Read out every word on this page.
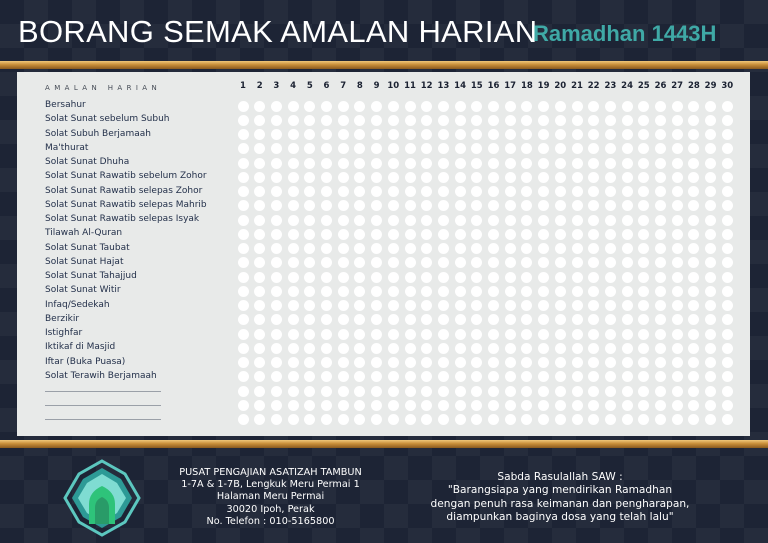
BORANG SEMAK AMALAN HARIAN
Ramadhan 1443H
AMALAN HARIAN	1	2	3	4	5	6	7	8	9 10 11 12 13 14 15 16 17 18 19 20 21 22 23 24 25 26 27 28 29 30
Bersahur
Solat Sunat sebelum Subuh
Solat Subuh Berjamaah
Ma'thurat
Solat Sunat Dhuha
Solat Sunat Rawatib sebelum Zohor
Solat Sunat Rawatib selepas Zohor
Solat Sunat Rawatib selepas Mahrib
Solat Sunat Rawatib selepas Isyak
Tilawah Al-Quran
Solat Sunat Taubat
Solat Sunat Hajat
Solat Sunat Tahajjud
Solat Sunat Witir
Infaq/Sedekah
Berzikir
Istighfar
Iktikaf di Masjid
Iftar (Buka Puasa)
Solat Terawih Berjamaah
PUSAT PENGAJIAN ASATIZAH TAMBUN
1-7A & 1-7B, Lengkuk Meru Permai 1
Halaman Meru Permai
30020 Ipoh, Perak
No. Telefon : 010-5165800
Sabda Rasulallah SAW :
"Barangsiapa yang mendirikan Ramadhan
dengan penuh rasa keimanan dan pengharapan,
diampunkan baginya dosa yang telah lalu"
